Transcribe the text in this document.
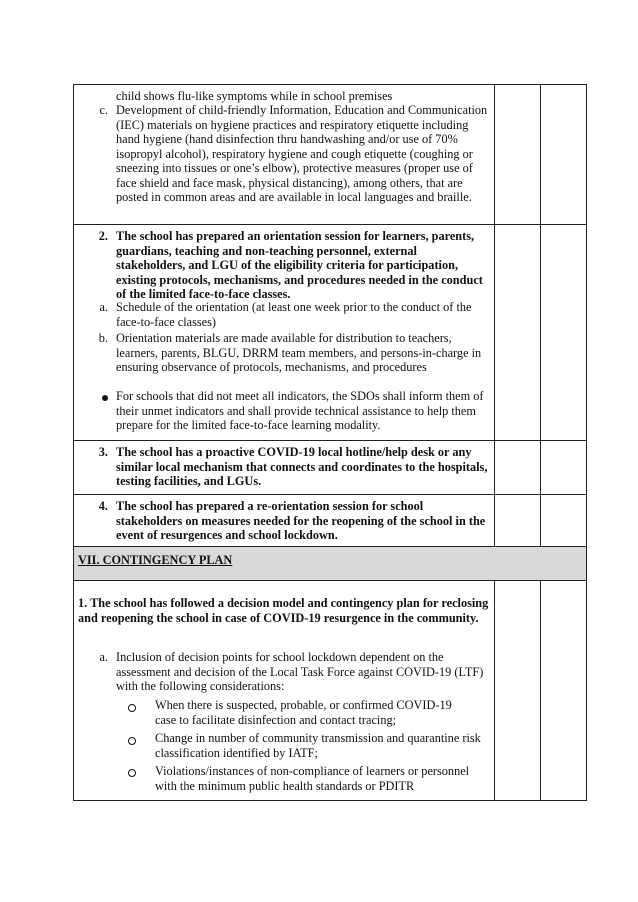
child shows flu-like symptoms while in school premises

c. Development of child-friendly Information, Education and Communication (IEC) materials on hygiene practices and respiratory etiquette including hand hygiene (hand disinfection thru handwashing and/or use of 70% isopropyl alcohol), respiratory hygiene and cough etiquette (coughing or sneezing into tissues or one’s elbow), protective measures (proper use of face shield and face mask, physical distancing), among others, that are posted in common areas and are available in local languages and braille.

2. The school has prepared an orientation session for learners, parents, guardians, teaching and non-teaching personnel, external stakeholders, and LGU of the eligibility criteria for participation, existing protocols, mechanisms, and procedures needed in the conduct of the limited face-to-face classes.

a. Schedule of the orientation (at least one week prior to the conduct of the face-to-face classes)

b. Orientation materials are made available for distribution to teachers, learners, parents, BLGU, DRRM team members, and persons-in-charge in ensuring observance of protocols, mechanisms, and procedures

For schools that did not meet all indicators, the SDOs shall inform them of their unmet indicators and shall provide technical assistance to help them prepare for the limited face-to-face learning modality.

3. The school has a proactive COVID-19 local hotline/help desk or any similar local mechanism that connects and coordinates to the hospitals, testing facilities, and LGUs.

4. The school has prepared a re-orientation session for school stakeholders on measures needed for the reopening of the school in the event of resurgences and school lockdown.

VII. CONTINGENCY PLAN

1. The school has followed a decision model and contingency plan for reclosing and reopening the school in case of COVID-19 resurgence in the community.

a. Inclusion of decision points for school lockdown dependent on the assessment and decision of the Local Task Force against COVID-19 (LTF) with the following considerations:

When there is suspected, probable, or confirmed COVID-19 case to facilitate disinfection and contact tracing;

Change in number of community transmission and quarantine risk classification identified by IATF;

Violations/instances of non-compliance of learners or personnel with the minimum public health standards or PDITR
